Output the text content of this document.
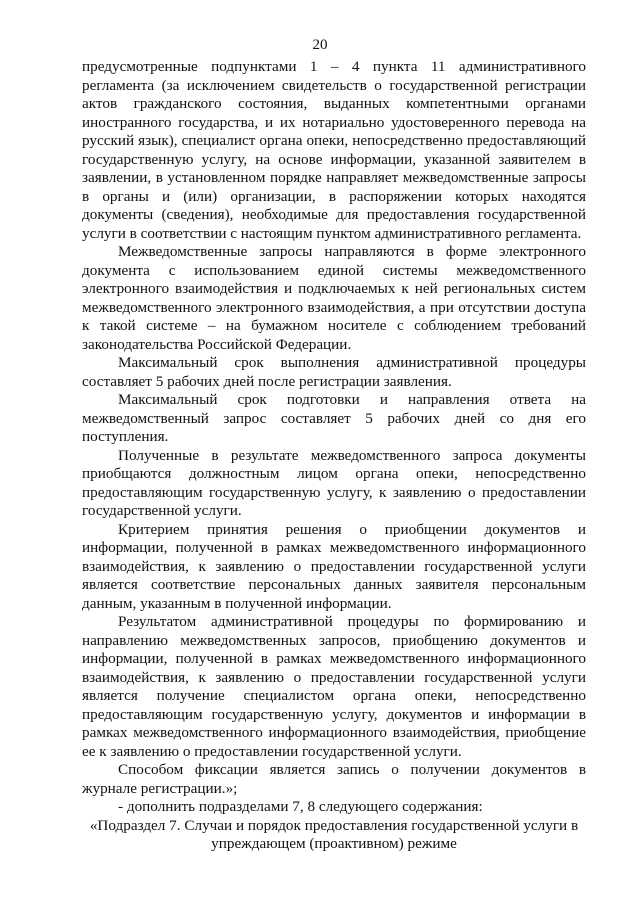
20

предусмотренные подпунктами 1 – 4 пункта 11 административного регламента (за исключением свидетельств о государственной регистрации актов гражданского состояния, выданных компетентными органами иностранного государства, и их нотариально удостоверенного перевода на русский язык), специалист органа опеки, непосредственно предоставляющий государственную услугу, на основе информации, указанной заявителем в заявлении, в установленном порядке направляет межведомственные запросы в органы и (или) организации, в распоряжении которых находятся документы (сведения), необходимые для предоставления государственной услуги в соответствии с настоящим пунктом административного регламента.

Межведомственные запросы направляются в форме электронного документа с использованием единой системы межведомственного электронного взаимодействия и подключаемых к ней региональных систем межведомственного электронного взаимодействия, а при отсутствии доступа к такой системе – на бумажном носителе с соблюдением требований законодательства Российской Федерации.

Максимальный срок выполнения административной процедуры составляет 5 рабочих дней после регистрации заявления.

Максимальный срок подготовки и направления ответа на межведомственный запрос составляет 5 рабочих дней со дня его поступления.

Полученные в результате межведомственного запроса документы приобщаются должностным лицом органа опеки, непосредственно предоставляющим государственную услугу, к заявлению о предоставлении государственной услуги.

Критерием принятия решения о приобщении документов и информации, полученной в рамках межведомственного информационного взаимодействия, к заявлению о предоставлении государственной услуги является соответствие персональных данных заявителя персональным данным, указанным в полученной информации.

Результатом административной процедуры по формированию и направлению межведомственных запросов, приобщению документов и информации, полученной в рамках межведомственного информационного взаимодействия, к заявлению о предоставлении государственной услуги является получение специалистом органа опеки, непосредственно предоставляющим государственную услугу, документов и информации в рамках межведомственного информационного взаимодействия, приобщение ее к заявлению о предоставлении государственной услуги.

Способом фиксации является запись о получении документов в журнале регистрации.»;

- дополнить подразделами 7, 8 следующего содержания:

«Подраздел 7. Случаи и порядок предоставления государственной услуги в упреждающем (проактивном) режиме
